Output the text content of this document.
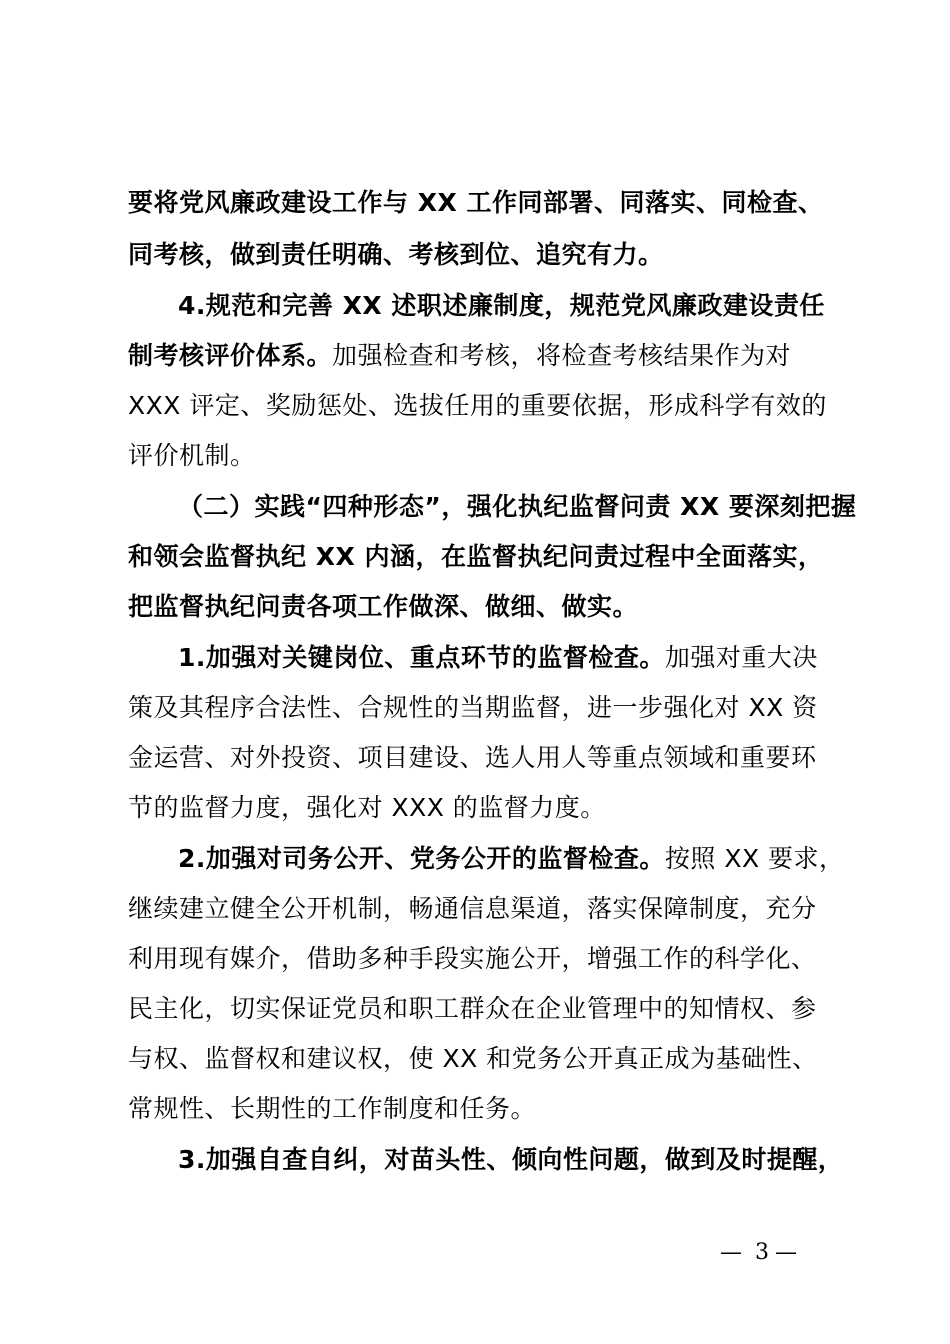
要将党风廉政建设工作与 XX 工作同部署、同落实、同检查、
同考核，做到责任明确、考核到位、追究有力。
4.规范和完善 XX 述职述廉制度，规范党风廉政建设责任
制考核评价体系。加强检查和考核，将检查考核结果作为对
XXX 评定、奖励惩处、选拔任用的重要依据，形成科学有效的
评价机制。
（二）实践“四种形态”，强化执纪监督问责 XX 要深刻把握
和领会监督执纪 XX 内涵，在监督执纪问责过程中全面落实，
把监督执纪问责各项工作做深、做细、做实。
1.加强对关键岗位、重点环节的监督检查。加强对重大决
策及其程序合法性、合规性的当期监督，进一步强化对 XX 资
金运营、对外投资、项目建设、选人用人等重点领域和重要环
节的监督力度，强化对 XXX 的监督力度。
2.加强对司务公开、党务公开的监督检查。按照 XX 要求，
继续建立健全公开机制，畅通信息渠道，落实保障制度，充分
利用现有媒介，借助多种手段实施公开，增强工作的科学化、
民主化，切实保证党员和职工群众在企业管理中的知情权、参
与权、监督权和建议权，使 XX 和党务公开真正成为基础性、
常规性、长期性的工作制度和任务。
3.加强自查自纠，对苗头性、倾向性问题，做到及时提醒，
— 3 —
